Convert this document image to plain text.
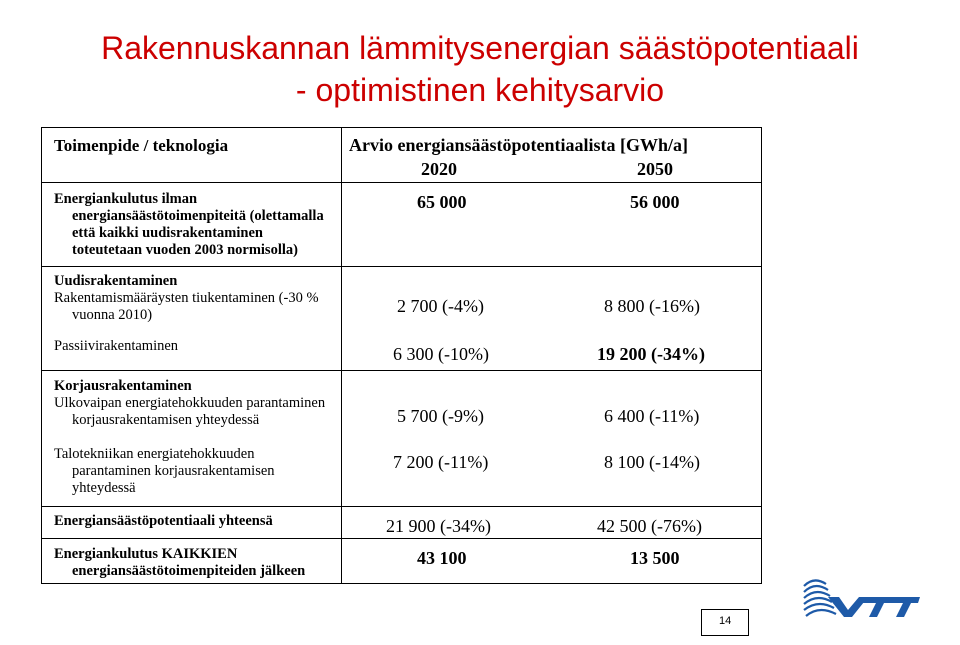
Rakennuskannan lämmitysenergian säästöpotentiaali
- optimistinen kehitysarvio
Toimenpide / teknologia	Arvio energiansäästöpotentiaalista [GWh/a]
2020	2050
Energiankulutus ilman
energiansäästötoimenpiteitä (olettamalla
että kaikki uudisrakentaminen
toteutetaan vuoden 2003 normisolla)
65 000	56 000
Uudisrakentaminen
Rakentamismääräysten tiukentaminen (-30 %
vuonna 2010)	2 700 (-4%)	8 800 (-16%)
Passiivirakentaminen	6 300 (-10%)	19 200 (-34%)
Korjausrakentaminen
Ulkovaipan energiatehokkuuden parantaminen
korjausrakentamisen yhteydessä	5 700 (-9%)	6 400 (-11%)
Talotekniikan energiatehokkuuden
parantaminen korjausrakentamisen
yhteydessä
7 200 (-11%)	8 100 (-14%)
Energiansäästöpotentiaali yhteensä	21 900 (-34%)	42 500 (-76%)
Energiankulutus KAIKKIEN
energiansäästötoimenpiteiden jälkeen
43 100	13 500
14
